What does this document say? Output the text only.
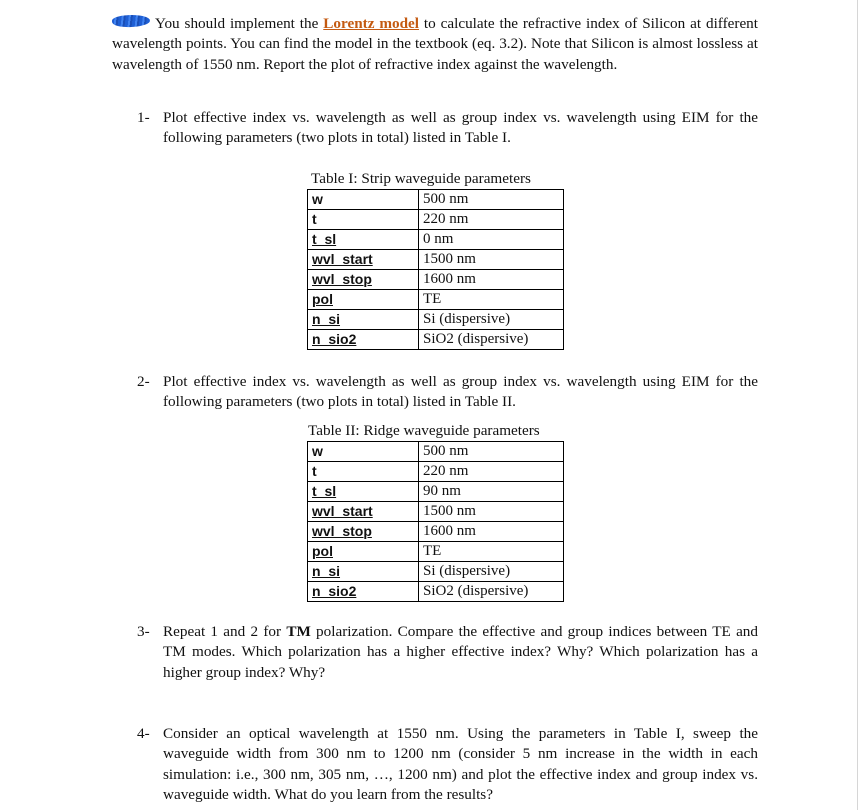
You should implement the Lorentz model to calculate the refractive index of Silicon at different wavelength points. You can find the model in the textbook (eq. 3.2). Note that Silicon is almost lossless at wavelength of 1550 nm. Report the plot of refractive index against the wavelength.
1- Plot effective index vs. wavelength as well as group index vs. wavelength using EIM for the following parameters (two plots in total) listed in Table I.
Table I: Strip waveguide parameters
w	500 nm
t	220 nm
t_sl	0 nm
wvl_start	1500 nm
wvl_stop	1600 nm
pol	TE
n_si	Si (dispersive)
n_sio2	SiO2 (dispersive)
2- Plot effective index vs. wavelength as well as group index vs. wavelength using EIM for the following parameters (two plots in total) listed in Table II.
Table II: Ridge waveguide parameters
w	500 nm
t	220 nm
t_sl	90 nm
wvl_start	1500 nm
wvl_stop	1600 nm
pol	TE
n_si	Si (dispersive)
n_sio2	SiO2 (dispersive)
3- Repeat 1 and 2 for TM polarization. Compare the effective and group indices between TE and TM modes. Which polarization has a higher effective index? Why? Which polarization has a higher group index? Why?
4- Consider an optical wavelength at 1550 nm. Using the parameters in Table I, sweep the waveguide width from 300 nm to 1200 nm (consider 5 nm increase in the width in each simulation: i.e., 300 nm, 305 nm, …, 1200 nm) and plot the effective index and group index vs. waveguide width. What do you learn from the results?
